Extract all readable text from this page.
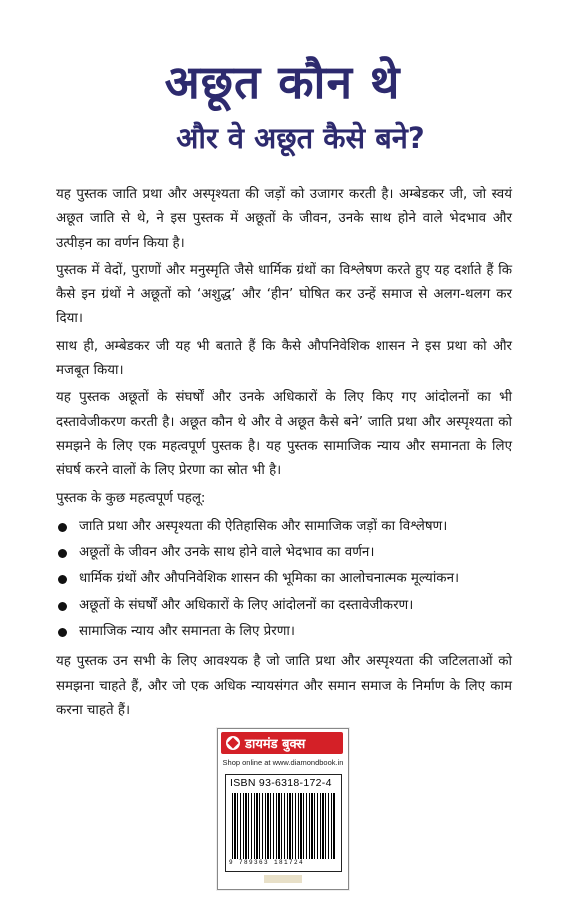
अछूत कौन थे
और वे अछूत कैसे बने?

यह पुस्तक जाति प्रथा और अस्पृश्यता की जड़ों को उजागर करती है। अम्बेडकर जी, जो स्वयं अछूत जाति से थे, ने इस पुस्तक में अछूतों के जीवन, उनके साथ होने वाले भेदभाव और उत्पीड़न का वर्णन किया है।

पुस्तक में वेदों, पुराणों और मनुस्मृति जैसे धार्मिक ग्रंथों का विश्लेषण करते हुए यह दर्शाते हैं कि कैसे इन ग्रंथों ने अछूतों को ‘अशुद्ध’ और ‘हीन’ घोषित कर उन्हें समाज से अलग-थलग कर दिया।

साथ ही, अम्बेडकर जी यह भी बताते हैं कि कैसे औपनिवेशिक शासन ने इस प्रथा को और मजबूत किया।

यह पुस्तक अछूतों के संघर्षों और उनके अधिकारों के लिए किए गए आंदोलनों का भी दस्तावेजीकरण करती है। अछूत कौन थे और वे अछूत कैसे बने’ जाति प्रथा और अस्पृश्यता को समझने के लिए एक महत्वपूर्ण पुस्तक है। यह पुस्तक सामाजिक न्याय और समानता के लिए संघर्ष करने वालों के लिए प्रेरणा का स्रोत भी है।

पुस्तक के कुछ महत्वपूर्ण पहलू:

जाति प्रथा और अस्पृश्यता की ऐतिहासिक और सामाजिक जड़ों का विश्लेषण।
अछूतों के जीवन और उनके साथ होने वाले भेदभाव का वर्णन।
धार्मिक ग्रंथों और औपनिवेशिक शासन की भूमिका का आलोचनात्मक मूल्यांकन।
अछूतों के संघर्षों और अधिकारों के लिए आंदोलनों का दस्तावेजीकरण।
सामाजिक न्याय और समानता के लिए प्रेरणा।

यह पुस्तक उन सभी के लिए आवश्यक है जो जाति प्रथा और अस्पृश्यता की जटिलताओं को समझना चाहते हैं, और जो एक अधिक न्यायसंगत और समान समाज के निर्माण के लिए काम करना चाहते हैं।

डायमंड बुक्स
Shop online at www.diamondbook.in
ISBN 93-6318-172-4
9 789363 181724
